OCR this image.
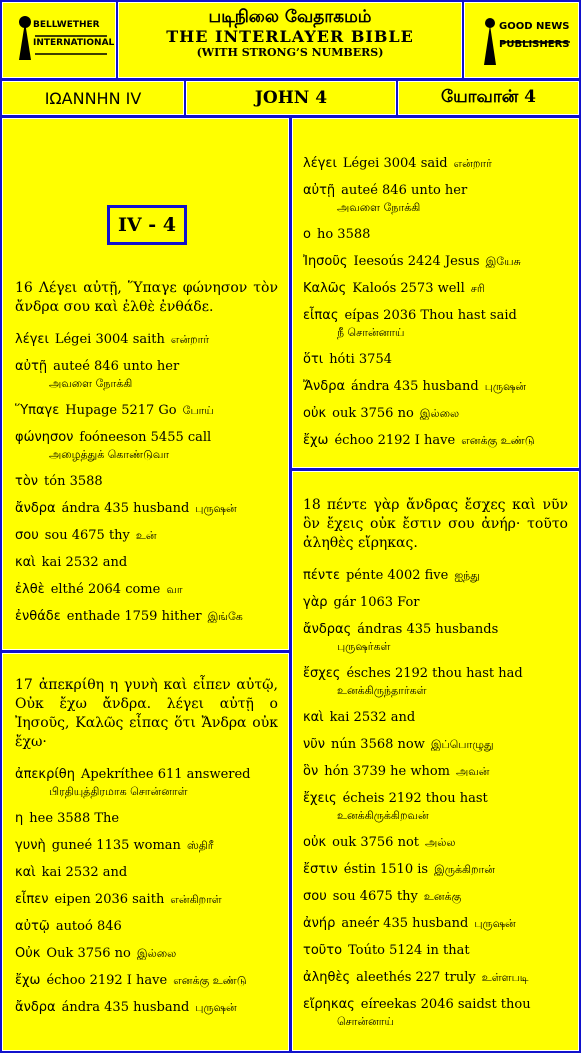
BELLWETHER
INTERNATIONAL
படிநிலை வேதாகமம்
THE INTERLAYER BIBLE
(WITH STRONG’S NUMBERS)
GOOD NEWS
PUBLISHERS
ΙΩΑΝΝΗΝ IV	JOHN 4	யோவான் 4
IV - 4
16 Λέγει αὐτῇ, Ὕπαγε φώνησον τὸν ἄνδρα σου καὶ ἐλθὲ ἐνθάδε.
λέγει Légei 3004 saith என்றார்
αὐτῇ auteé 846 unto her
அவளை நோக்கி
Ὕπαγε Hupage 5217 Go போய்
φώνησον foóneeson 5455 call
அழைத்துக் கொண்டுவா
τὸν tón 3588
ἄνδρα ándra 435 husband புருஷன்
σου sou 4675 thy உன்
καὶ kai 2532 and
ἐλθὲ elthé 2064 come வா
ἐνθάδε enthade 1759 hither இங்கே
17 ἀπεκρίθη η γυνὴ καὶ εἶπεν αὐτῷ, Οὐκ ἔχω ἄνδρα. λέγει αὐτῇ ο Ἰησοῦς, Καλῶς εἶπας ὅτι Ἄνδρα οὐκ ἔχω·
ἀπεκρίθη Apekríthee 611 answered
பிரதியுத்திரமாக சொன்னாள்
η hee 3588 The
γυνὴ guneé 1135 woman ஸ்திரீ
καὶ kai 2532 and
εἶπεν eipen 2036 saith என்கிறாள்
αὐτῷ autoó 846
Οὐκ Ouk 3756 no இல்லை
ἔχω échoo 2192 I have எனக்கு உண்டு
ἄνδρα ándra 435 husband புருஷன்
λέγει Légei 3004 said என்றார்
αὐτῇ auteé 846 unto her
அவளை நோக்கி
ο ho 3588
Ἰησοῦς Ieesoús 2424 Jesus இயேசு
Καλῶς Kaloós 2573 well சரி
εἶπας eípas 2036 Thou hast said
நீ சொன்னாய்
ὅτι hóti 3754
Ἄνδρα ándra 435 husband புருஷன்
οὐκ ouk 3756 no இல்லை
ἔχω échoo 2192 I have எனக்கு உண்டு
18 πέντε γὰρ ἄνδρας ἔσχες καὶ νῦν ὃν ἔχεις οὐκ ἔστιν σου ἀνήρ· τοῦτο ἀληθὲς εἴρηκας.
πέντε pénte 4002 five ஐந்து
γὰρ gár 1063 For
ἄνδρας ándras 435 husbands
புருஷர்கள்
ἔσχες ésches 2192 thou hast had
உனக்கிருந்தார்கள்
καὶ kai 2532 and
νῦν nún 3568 now இப்பொழுது
ὃν hón 3739 he whom அவன்
ἔχεις écheis 2192 thou hast
உனக்கிருக்கிறவன்
οὐκ ouk 3756 not அல்ல
ἔστιν éstin 1510 is இருக்கிறான்
σου sou 4675 thy உனக்கு
ἀνήρ aneér 435 husband புருஷன்
τοῦτο Toúto 5124 in that
ἀληθὲς aleethés 227 truly உள்ளபடி
εἴρηκας eíreekas 2046 saidst thou
சொன்னாய்
